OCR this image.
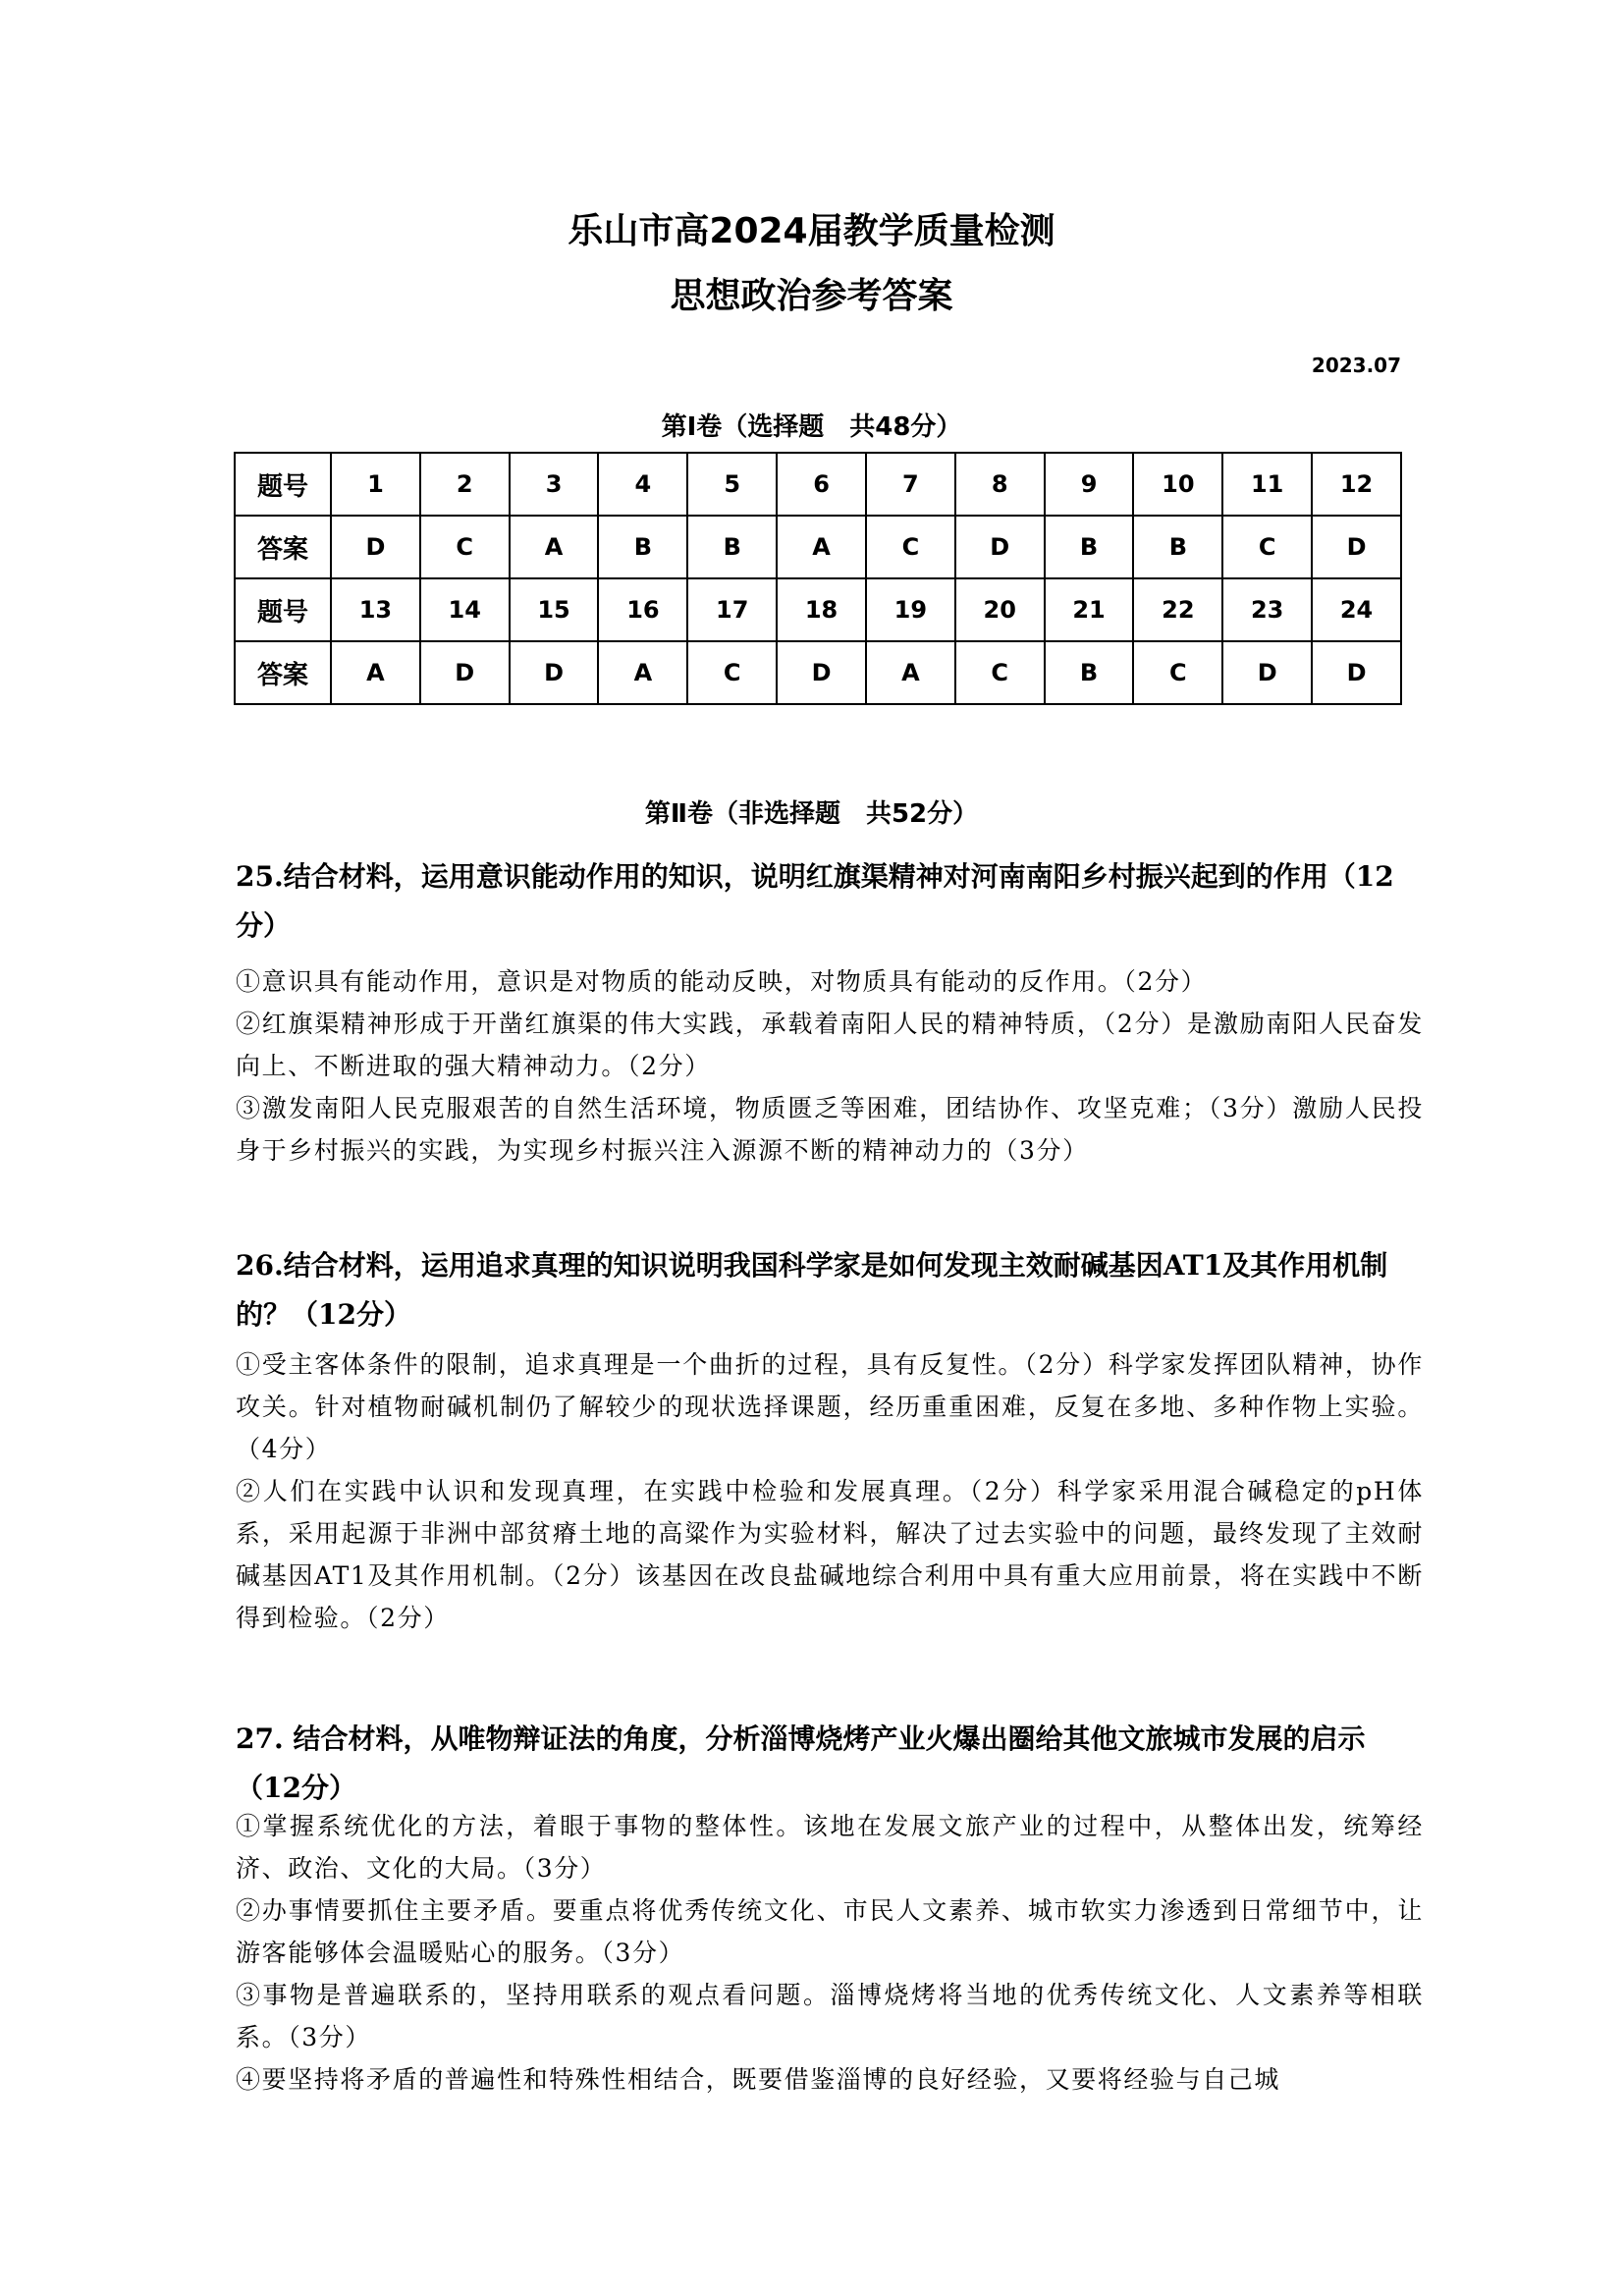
乐山市高2024届教学质量检测
思想政治参考答案
2023.07
第Ⅰ卷（选择题　共48分）
题号	1	2	3	4	5	6	7	8	9	10	11	12
答案	D	C	A	B	B	A	C	D	B	B	C	D
题号	13	14	15	16	17	18	19	20	21	22	23	24
答案	A	D	D	A	C	D	A	C	B	C	D	D
第Ⅱ卷（非选择题　共52分）
25.结合材料，运用意识能动作用的知识，说明红旗渠精神对河南南阳乡村振兴起到的作用（12分）

①意识具有能动作用，意识是对物质的能动反映，对物质具有能动的反作用。（2分）

②红旗渠精神形成于开凿红旗渠的伟大实践，承载着南阳人民的精神特质，（2分）是激励南阳人民奋发向上、不断进取的强大精神动力。（2分）

③激发南阳人民克服艰苦的自然生活环境，物质匮乏等困难，团结协作、攻坚克难；（3分）激励人民投身于乡村振兴的实践，为实现乡村振兴注入源源不断的精神动力的（3分）

26.结合材料，运用追求真理的知识说明我国科学家是如何发现主效耐碱基因AT1及其作用机制的？（12分）

①受主客体条件的限制，追求真理是一个曲折的过程，具有反复性。（2分）科学家发挥团队精神，协作攻关。针对植物耐碱机制仍了解较少的现状选择课题，经历重重困难，反复在多地、多种作物上实验。（4分）

②人们在实践中认识和发现真理，在实践中检验和发展真理。（2分）科学家采用混合碱稳定的pH体系，采用起源于非洲中部贫瘠土地的高粱作为实验材料，解决了过去实验中的问题，最终发现了主效耐碱基因AT1及其作用机制。（2分）该基因在改良盐碱地综合利用中具有重大应用前景，将在实践中不断得到检验。（2分）

27. 结合材料，从唯物辩证法的角度，分析淄博烧烤产业火爆出圈给其他文旅城市发展的启示（12分）

①掌握系统优化的方法，着眼于事物的整体性。该地在发展文旅产业的过程中，从整体出发，统筹经济、政治、文化的大局。（3分）

②办事情要抓住主要矛盾。要重点将优秀传统文化、市民人文素养、城市软实力渗透到日常细节中，让游客能够体会温暖贴心的服务。（3分）

③事物是普遍联系的，坚持用联系的观点看问题。淄博烧烤将当地的优秀传统文化、人文素养等相联系。（3分）

④要坚持将矛盾的普遍性和特殊性相结合，既要借鉴淄博的良好经验，又要将经验与自己城
